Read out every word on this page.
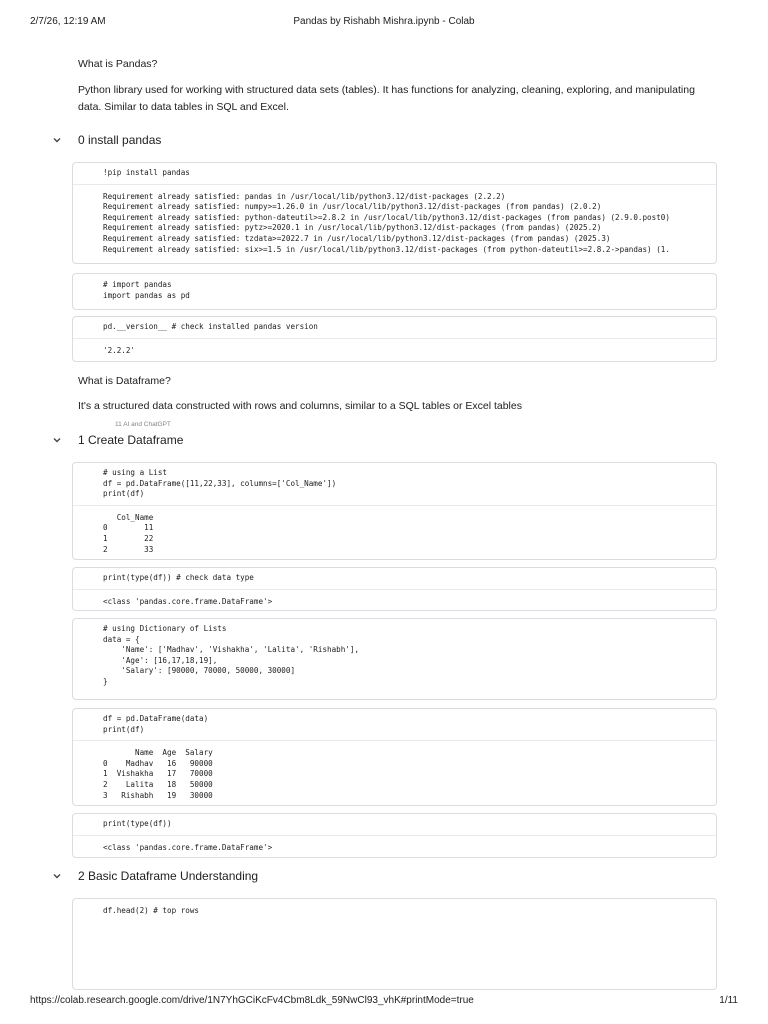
2/7/26, 12:19 AM	Pandas by Rishabh Mishra.ipynb - Colab
What is Pandas?
Python library used for working with structured data sets (tables). It has functions for analyzing, cleaning, exploring, and manipulating data. Similar to data tables in SQL and Excel.
0 install pandas
!pip install pandas
Requirement already satisfied: pandas in /usr/local/lib/python3.12/dist-packages (2.2.2)
Requirement already satisfied: numpy>=1.26.0 in /usr/local/lib/python3.12/dist-packages (from pandas) (2.0.2)
Requirement already satisfied: python-dateutil>=2.8.2 in /usr/local/lib/python3.12/dist-packages (from pandas) (2.9.0.post0)
Requirement already satisfied: pytz>=2020.1 in /usr/local/lib/python3.12/dist-packages (from pandas) (2025.2)
Requirement already satisfied: tzdata>=2022.7 in /usr/local/lib/python3.12/dist-packages (from pandas) (2025.3)
Requirement already satisfied: six>=1.5 in /usr/local/lib/python3.12/dist-packages (from python-dateutil>=2.8.2->pandas) (1.
# import pandas
import pandas as pd
pd.__version__ # check installed pandas version
'2.2.2'
What is Dataframe?
It's a structured data constructed with rows and columns, similar to a SQL tables or Excel tables
11 AI and ChatGPT
1 Create Dataframe
# using a List
df = pd.DataFrame([11,22,33], columns=['Col_Name'])
print(df)
Col_Name
0        11
1        22
2        33
print(type(df)) # check data type
<class 'pandas.core.frame.DataFrame'>
# using Dictionary of Lists
data = {
'Name': ['Madhav', 'Vishakha', 'Lalita', 'Rishabh'],
'Age': [16,17,18,19],
'Salary': [90000, 70000, 50000, 30000]
}
df = pd.DataFrame(data)
print(df)
Name  Age  Salary
0    Madhav   16   90000
1  Vishakha   17   70000
2    Lalita   18   50000
3   Rishabh   19   30000
print(type(df))
<class 'pandas.core.frame.DataFrame'>
2 Basic Dataframe Understanding
df.head(2) # top rows
https://colab.research.google.com/drive/1N7YhGCiKcFv4Cbm8Ldk_59NwCl93_vhK#printMode=true	1/11
